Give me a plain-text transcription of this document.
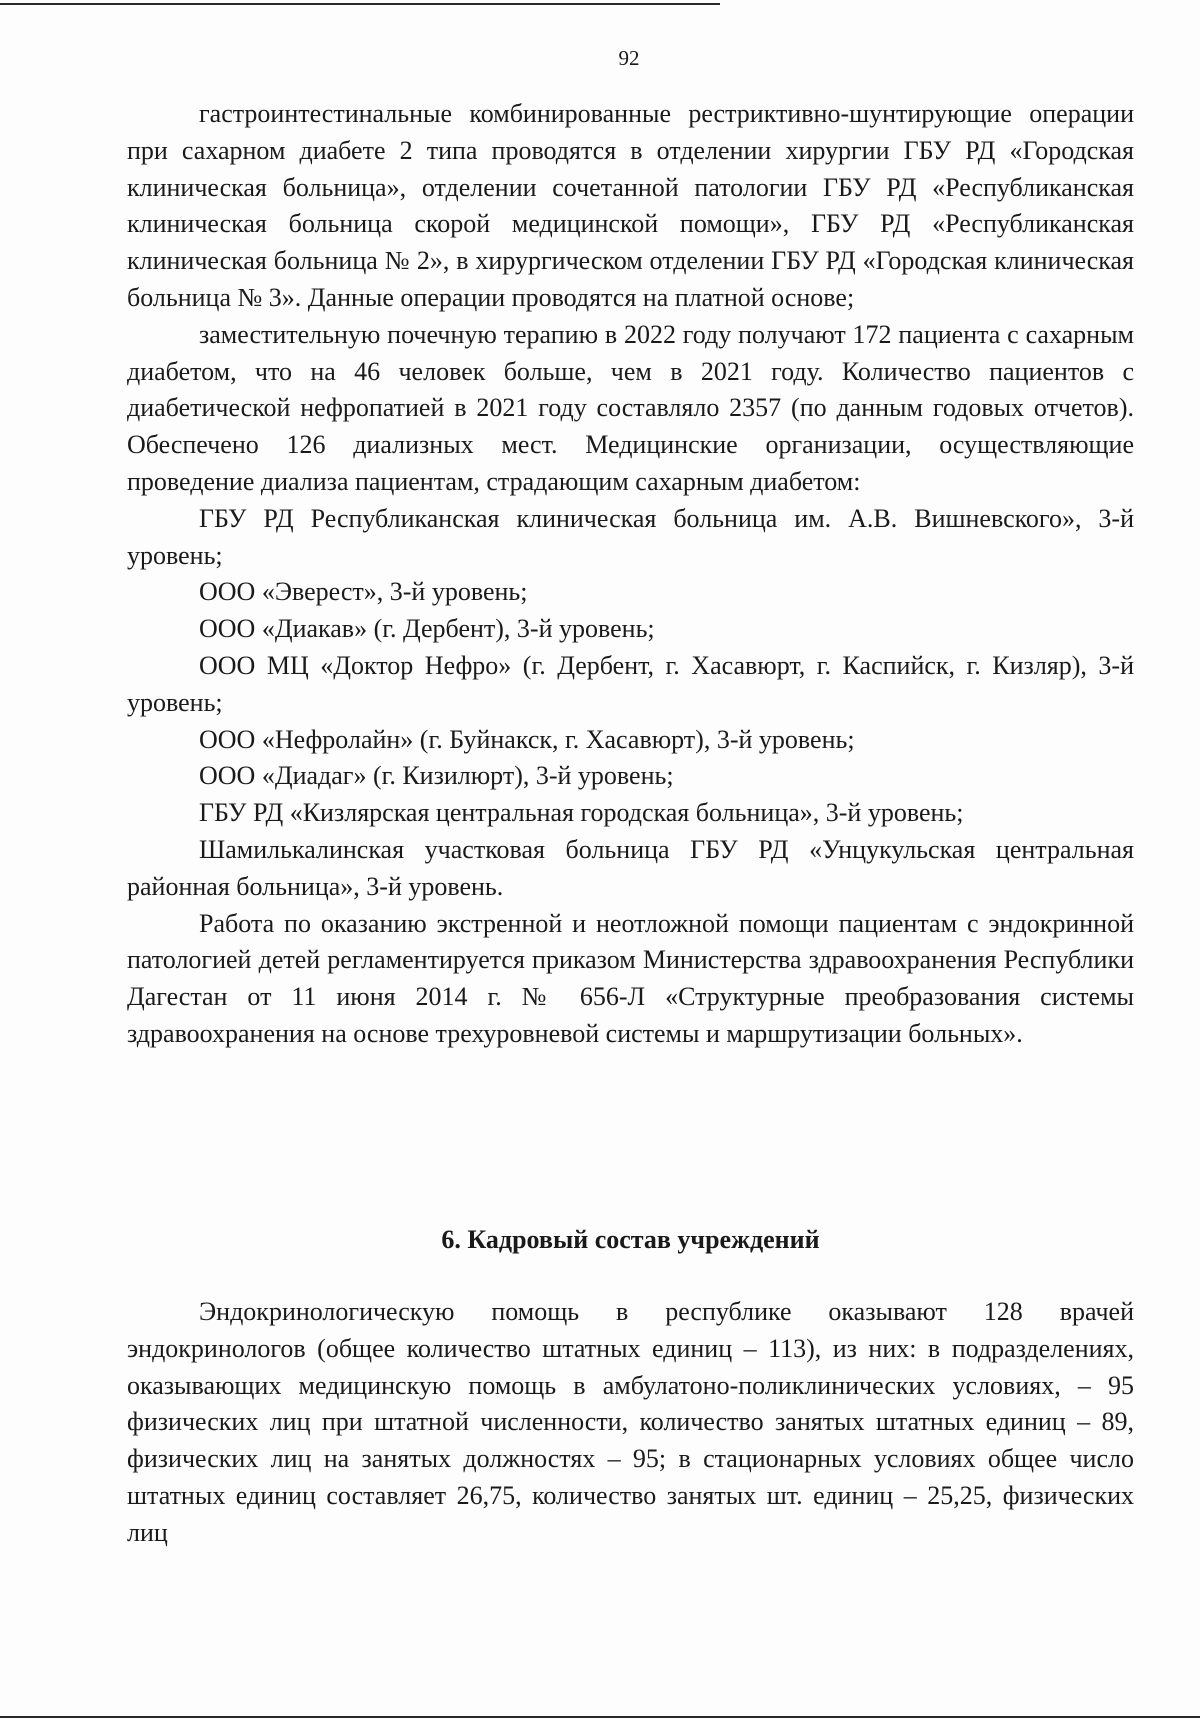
92

гастроинтестинальные комбинированные рестриктивно-шунтирующие операции при сахарном диабете 2 типа проводятся в отделении хирургии ГБУ РД «Городская клиническая больница», отделении сочетанной патологии ГБУ РД «Республиканская клиническая больница скорой медицинской помощи», ГБУ РД «Республиканская клиническая больница № 2», в хирургическом отделении ГБУ РД «Городская клиническая больница № 3». Данные операции проводятся на платной основе;

заместительную почечную терапию в 2022 году получают 172 пациента с сахарным диабетом, что на 46 человек больше, чем в 2021 году. Количество пациентов с диабетической нефропатией в 2021 году составляло 2357 (по данным годовых отчетов). Обеспечено 126 диализных мест. Медицинские организации, осуществляющие проведение диализа пациентам, страдающим сахарным диабетом:

ГБУ РД Республиканская клиническая больница им. А.В. Вишневского», 3-й уровень;

ООО «Эверест», 3-й уровень;

ООО «Диакав» (г. Дербент), 3-й уровень;

ООО МЦ «Доктор Нефро» (г. Дербент, г. Хасавюрт, г. Каспийск, г. Кизляр), 3-й уровень;

ООО «Нефролайн» (г. Буйнакск, г. Хасавюрт), 3-й уровень;

ООО «Диадаг» (г. Кизилюрт), 3-й уровень;

ГБУ РД «Кизлярская центральная городская больница», 3-й уровень;

Шамилькалинская участковая больница ГБУ РД «Унцукульская центральная районная больница», 3-й уровень.

Работа по оказанию экстренной и неотложной помощи пациентам с эндокринной патологией детей регламентируется приказом Министерства здравоохранения Республики Дагестан от 11 июня 2014 г. № 656-Л «Структурные преобразования системы здравоохранения на основе трехуровневой системы и маршрутизации больных».

6. Кадровый состав учреждений

Эндокринологическую помощь в республике оказывают 128 врачей эндокринологов (общее количество штатных единиц – 113), из них: в подразделениях, оказывающих медицинскую помощь в амбулатоно-поликлинических условиях, – 95 физических лиц при штатной численности, количество занятых штатных единиц – 89, физических лиц на занятых должностях – 95; в стационарных условиях общее число штатных единиц составляет 26,75, количество занятых шт. единиц – 25,25, физических лиц
